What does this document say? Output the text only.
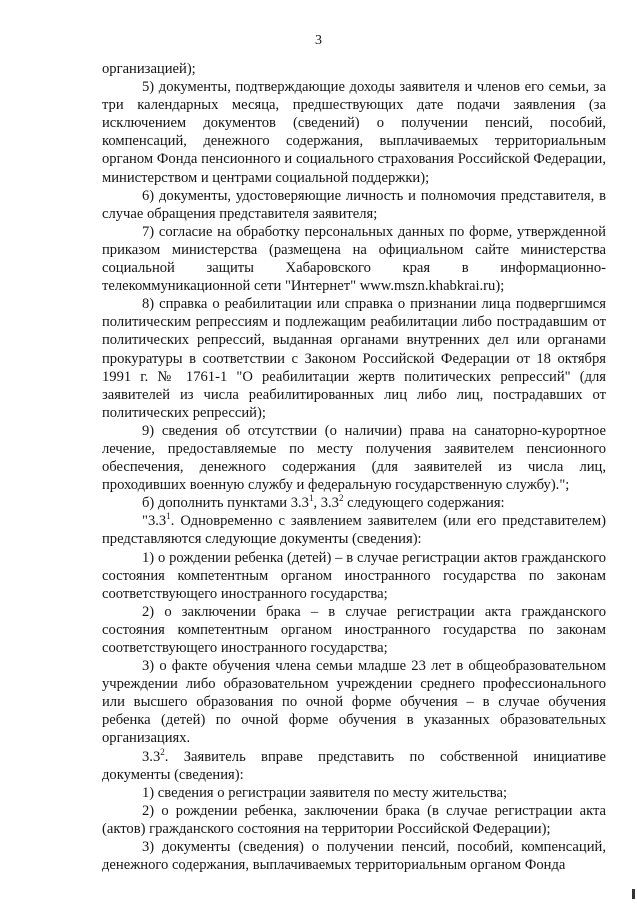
3

организацией);

5) документы, подтверждающие доходы заявителя и членов его семьи, за три календарных месяца, предшествующих дате подачи заявления (за исключением документов (сведений) о получении пенсий, пособий, компенсаций, денежного содержания, выплачиваемых территориальным органом Фонда пенсионного и социального страхования Российской Федерации, министерством и центрами социальной поддержки);

6) документы, удостоверяющие личность и полномочия представителя, в случае обращения представителя заявителя;

7) согласие на обработку персональных данных по форме, утвержденной приказом министерства (размещена на официальном сайте министерства социальной защиты Хабаровского края в информационно-телекоммуникационной сети "Интернет" www.mszn.khabkrai.ru);

8) справка о реабилитации или справка о признании лица подвергшимся политическим репрессиям и подлежащим реабилитации либо пострадавшим от политических репрессий, выданная органами внутренних дел или органами прокуратуры в соответствии с Законом Российской Федерации от 18 октября 1991 г. № 1761-1 "О реабилитации жертв политических репрессий" (для заявителей из числа реабилитированных лиц либо лиц, пострадавших от политических репрессий);

9) сведения об отсутствии (о наличии) права на санаторно-курортное лечение, предоставляемые по месту получения заявителем пенсионного обеспечения, денежного содержания (для заявителей из числа лиц, проходивших военную службу и федеральную государственную службу).";

б) дополнить пунктами $3.3^1$, $3.3^2$ следующего содержания:

"$3.3^1$. Одновременно с заявлением заявителем (или его представителем) представляются следующие документы (сведения):

1) о рождении ребенка (детей) – в случае регистрации актов гражданского состояния компетентным органом иностранного государства по законам соответствующего иностранного государства;

2) о заключении брака – в случае регистрации акта гражданского состояния компетентным органом иностранного государства по законам соответствующего иностранного государства;

3) о факте обучения члена семьи младше 23 лет в общеобразовательном учреждении либо образовательном учреждении среднего профессионального или высшего образования по очной форме обучения – в случае обучения ребенка (детей) по очной форме обучения в указанных образовательных организациях.

$3.3^2$. Заявитель вправе представить по собственной инициативе документы (сведения):

1) сведения о регистрации заявителя по месту жительства;

2) о рождении ребенка, заключении брака (в случае регистрации акта (актов) гражданского состояния на территории Российской Федерации);

3) документы (сведения) о получении пенсий, пособий, компенсаций, денежного содержания, выплачиваемых территориальным органом Фонда
